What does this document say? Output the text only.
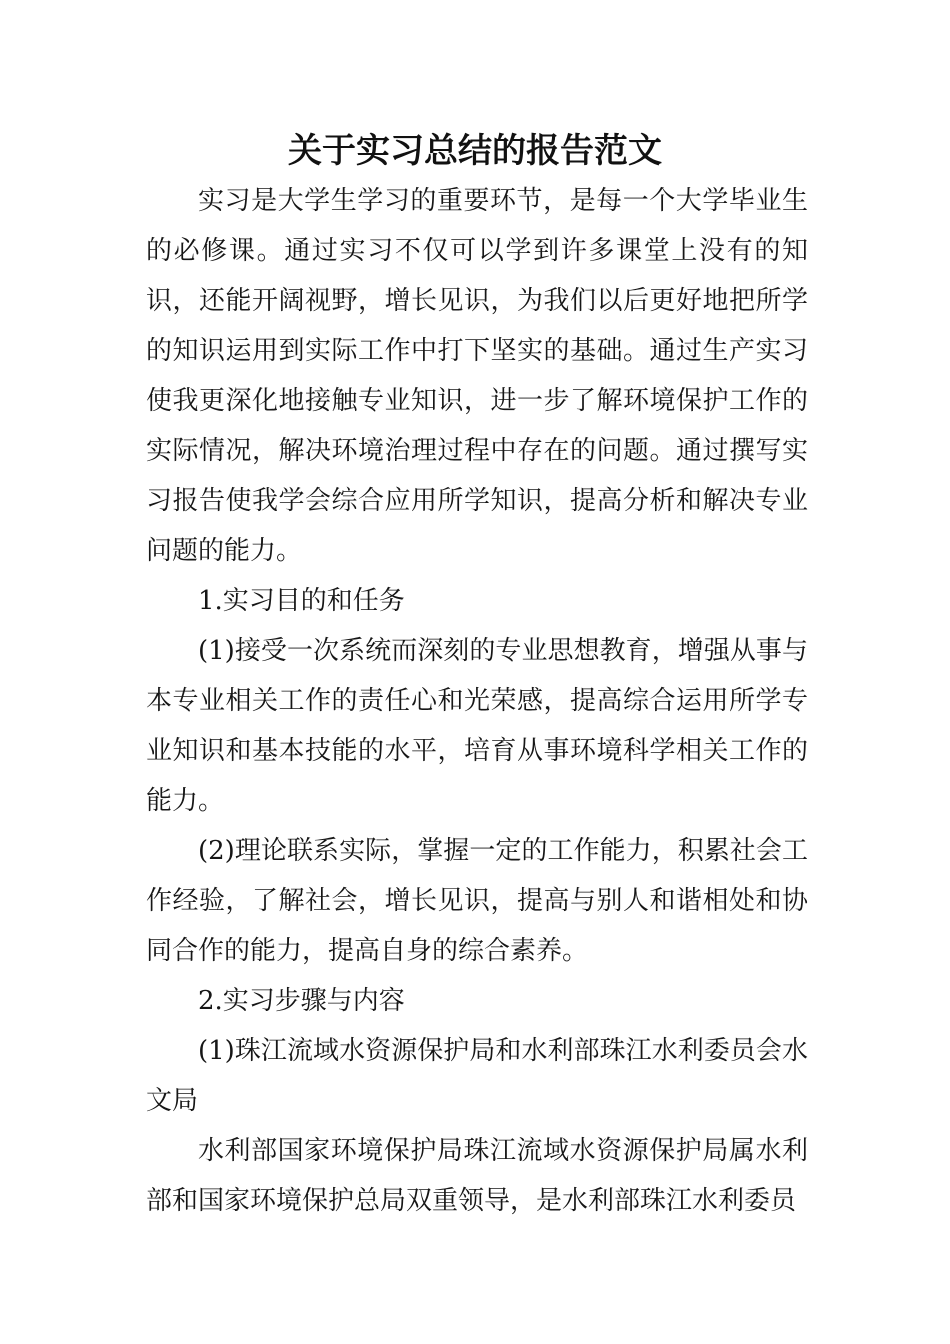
关于实习总结的报告范文

实习是大学生学习的重要环节，是每一个大学毕业生的必修课。通过实习不仅可以学到许多课堂上没有的知识，还能开阔视野，增长见识，为我们以后更好地把所学的知识运用到实际工作中打下坚实的基础。通过生产实习使我更深化地接触专业知识，进一步了解环境保护工作的实际情况，解决环境治理过程中存在的问题。通过撰写实习报告使我学会综合应用所学知识，提高分析和解决专业问题的能力。

1.实习目的和任务

(1)接受一次系统而深刻的专业思想教育，增强从事与本专业相关工作的责任心和光荣感，提高综合运用所学专业知识和基本技能的水平，培育从事环境科学相关工作的能力。

(2)理论联系实际，掌握一定的工作能力，积累社会工作经验，了解社会，增长见识，提高与别人和谐相处和协同合作的能力，提高自身的综合素养。

2.实习步骤与内容

(1)珠江流域水资源保护局和水利部珠江水利委员会水文局

水利部国家环境保护局珠江流域水资源保护局属水利部和国家环境保护总局双重领导，是水利部珠江水利委员
